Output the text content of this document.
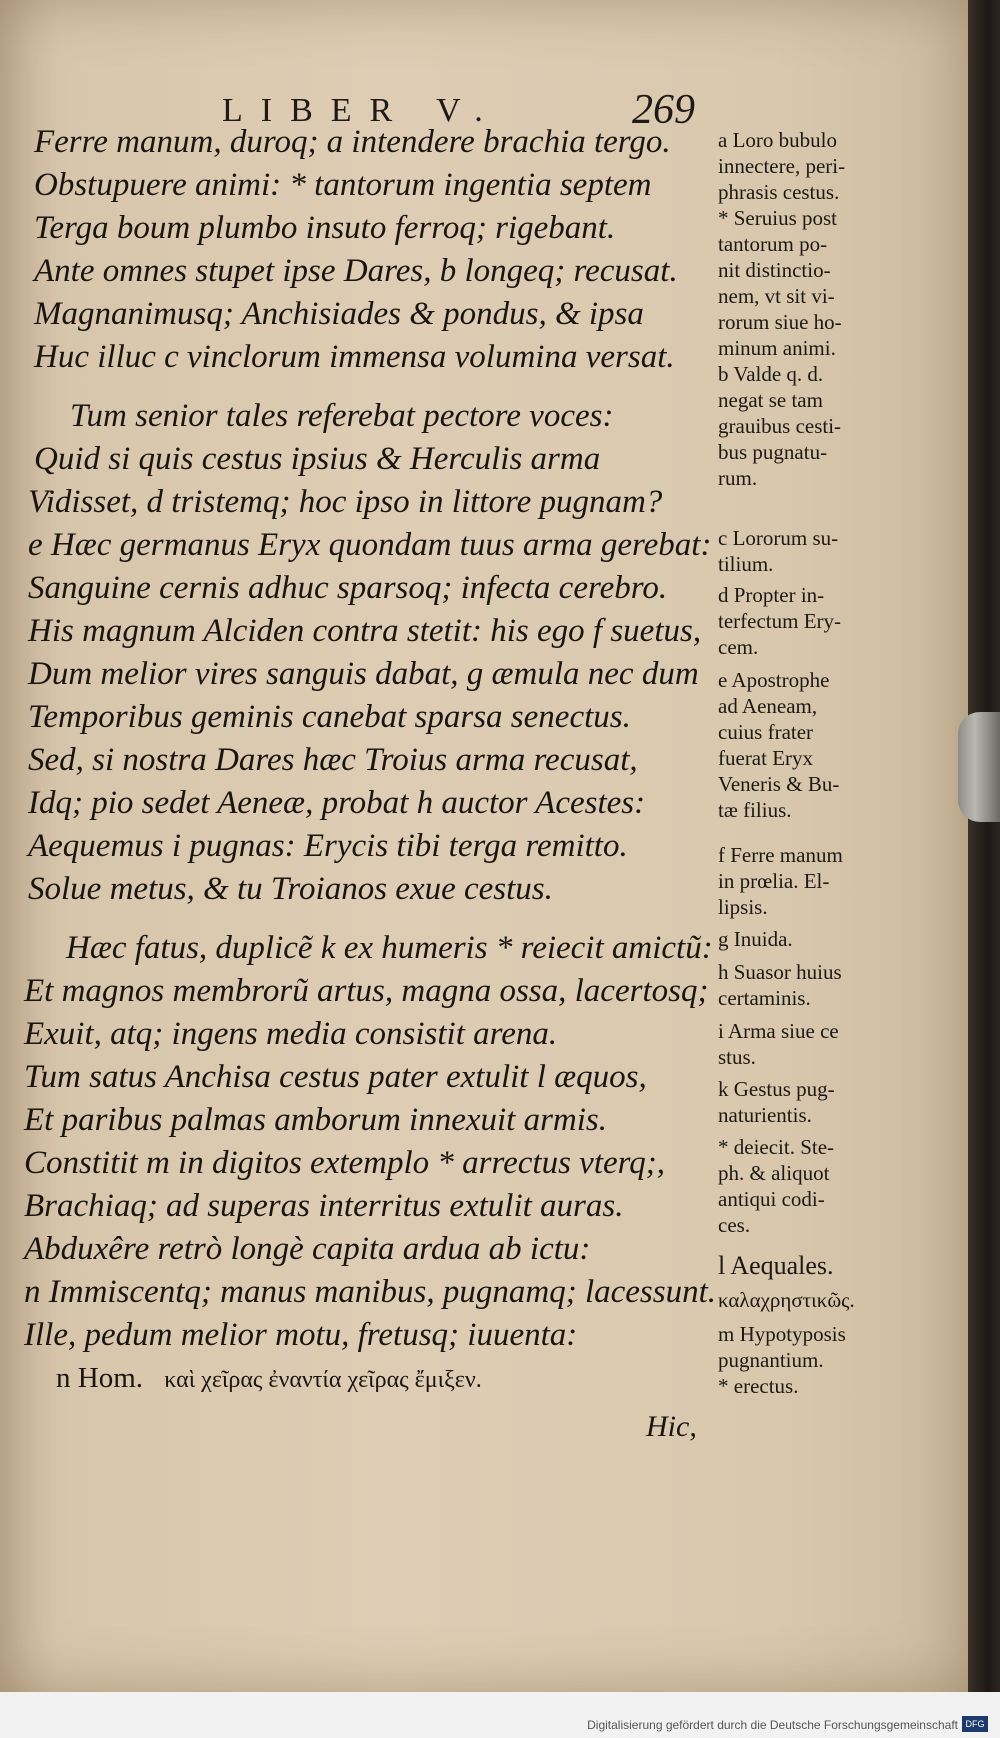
LIBER V.	269
Ferre manum, duroq; a intendere brachia tergo.
Obstupuere animi: * tantorum ingentia septem
Terga boum plumbo insuto ferroq; rigebant.
Ante omnes stupet ipse Dares, b longeq; recusat.
Magnanimusq; Anchisiades & pondus, & ipsa
Huc illuc c vinclorum immensa volumina versat.
Tum senior tales referebat pectore voces:
Quid si quis cestus ipsius & Herculis arma
Vidisset, d tristemq; hoc ipso in littore pugnam?
e Hæc germanus Eryx quondam tuus arma gerebat:
Sanguine cernis adhuc sparsoq; infecta cerebro.
His magnum Alciden contra stetit: his ego f suetus,
Dum melior vires sanguis dabat, g æmula nec dum
Temporibus geminis canebat sparsa senectus.
Sed, si nostra Dares hæc Troius arma recusat,
Idq; pio sedet Aeneæ, probat h auctor Acestes:
Aequemus i pugnas: Erycis tibi terga remitto.
Solue metus, & tu Troianos exue cestus.
Hæc fatus, duplicẽ k ex humeris * reiecit amictũ:
Et magnos membrorũ artus, magna ossa, lacertosq;
Exuit, atq; ingens media consistit arena.
Tum satus Anchisa cestus pater extulit l æquos,
Et paribus palmas amborum innexuit armis.
Constitit m in digitos extemplo * arrectus vterq;,
Brachiaq; ad superas interritus extulit auras.
Abduxêre retrò longè capita ardua ab ictu:
n Immiscentq; manus manibus, pugnamq; lacessunt.
Ille, pedum melior motu, fretusq; iuuenta:
n Hom. καὶ χεῖρας ἐναντία χεῖρας ἔμιξεν.
Hic,
a Loro bubulo
innectere, peri-
phrasis cestus.
* Seruius post
tantorum po-
nit distinctio-
nem, vt sit vi-
rorum siue ho-
minum animi.
b Valde q. d.
negat se tam
grauibus cesti-
bus pugnatu-
rum.
c Lororum su-
tilium.
d Propter in-
terfectum Ery-
cem.
e Apostrophe
ad Aeneam,
cuius frater
fuerat Eryx
Veneris & Bu-
tæ filius.
f Ferre manum
in prœlia. El-
lipsis.
g Inuida.
h Suasor huius
certaminis.
i Arma siue ce
stus.
k Gestus pug-
naturientis.
* deiecit. Ste-
ph. & aliquot
antiqui codi-
ces.
l Aequales.
καλαχρηστικῶς.
m Hypotyposis
pugnantium.
* erectus.
Digitalisierung gefördert durch die Deutsche Forschungsgemeinschaft DFG
